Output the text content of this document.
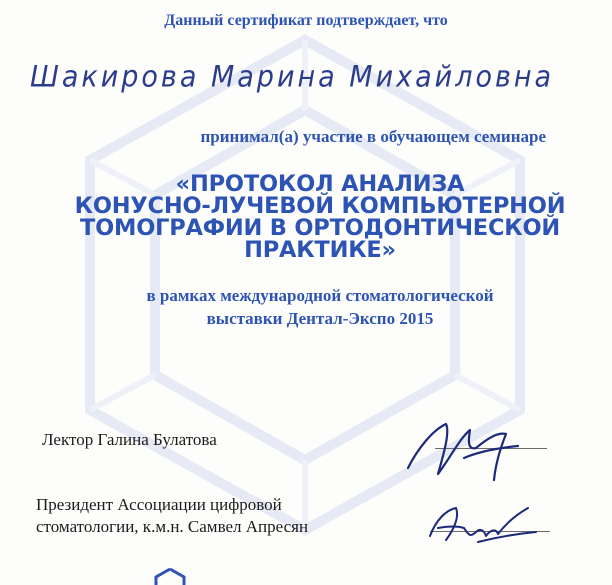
Данный сертификат подтверждает, что
Шакирова Марина Михайловна
принимал(а) участие в обучающем семинаре
«ПРОТОКОЛ АНАЛИЗА
КОНУСНО-ЛУЧЕВОЙ КОМПЬЮТЕРНОЙ
ТОМОГРАФИИ В ОРТОДОНТИЧЕСКОЙ
ПРАКТИКЕ»
в рамках международной стоматологической
выставки Дентал-Экспо 2015
Лектор Галина Булатова
Президент Ассоциации цифровой
стоматологии, к.м.н. Самвел Апресян
